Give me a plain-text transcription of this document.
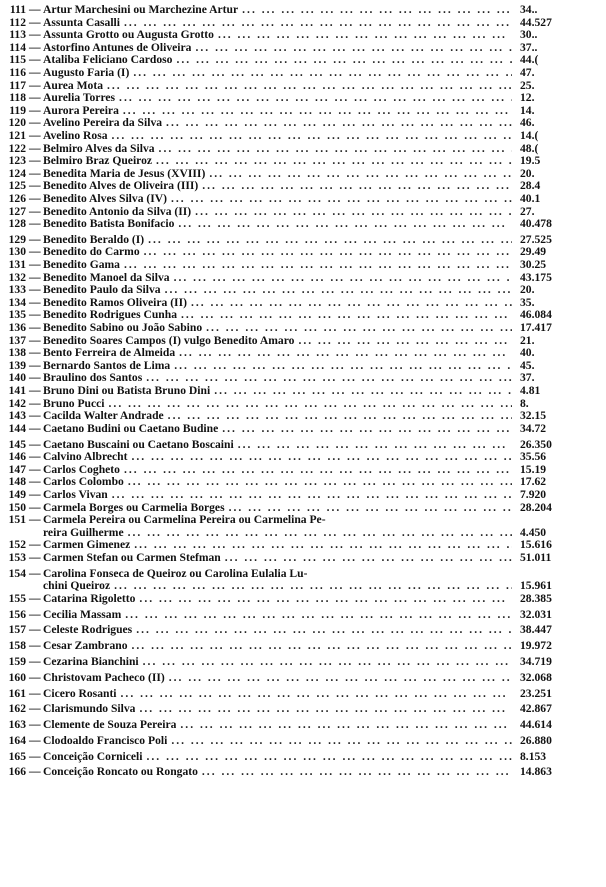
111 — Artur Marchesini ou Marchezine Artur ... .	34..
112 — Assunta Casalli ... .	44.527
113 — Assunta Grotto ou Augusta Grotto ... .	30..
114 — Astorfino Antunes de Oliveira ... .	37..
115 — Ataliba Feliciano Cardoso ... .	44.(
116 — Augusto Faria (I) ... .	47.
117 — Aurea Mota ... .	25.
118 — Aurelia Torres ... .	12.
119 — Aurora Pereira ... .	14.
120 — Avelino Pereira da Silva ... .	46.
121 — Avelino Rosa ... .	14.(
122 — Belmiro Alves da Silva ... .	48.(
123 — Belmiro Braz Queiroz ... .	19.5
124 — Benedita Maria de Jesus (XVIII) ... .	20.
125 — Benedito Alves de Oliveira (III) ... .	28.4
126 — Benedito Alves Silva (IV) ... .	40.1
127 — Benedito Antonio da Silva (II) ... .	27.
128 — Benedito Batista Bonifacio ... .	40.478
129 — Benedito Beraldo (I) ... .	27.525
130 — Benedito do Carmo ... .	29.49
131 — Benedito Gama ... .	30.25
132 — Benedito Manoel da Silva ... .	43.175
133 — Benedito Paulo da Silva ... .	20.
134 — Benedito Ramos Oliveira (II) ... .	35.
135 — Benedito Rodrigues Cunha ... .	46.084
136 — Benedito Sabino ou João Sabino ... .	17.417
137 — Benedito Soares Campos (I) vulgo Benedito Amaro ... .	21.
138 — Bento Ferreira de Almeida ... .	40.
139 — Bernardo Santos de Lima ... .	45.
140 — Braulino dos Santos ... .	37.
141 — Bruno Dini ou Batista Bruno Dini ... .	4.81
142 — Bruno Pucci ... .	8.
143 — Cacilda Walter Andrade ... .	32.15
144 — Caetano Budini ou Caetano Budine ... .	34.72
145 — Caetano Buscaini ou Caetano Boscaini ... .	26.350
146 — Calvino Albrecht ... .	35.56
147 — Carlos Cogheto ... .	15.19
148 — Carlos Colombo ... .	17.62
149 — Carlos Vivan ... .	7.920
150 — Carmela Borges ou Carmelia Borges ... .	28.204
151 — Carmela Pereira ou Carmelina Pereira ou Carmelina Pe-
reira Guilherme ... .	4.450
152 — Carmen Gimenez ... .	15.616
153 — Carmen Stefan ou Carmen Stefman ... .	51.011
154 — Carolina Fonseca de Queiroz ou Carolina Eulalia Lu-
chini Queiroz ... .	15.961
155 — Catarina Rigoletto ... .	28.385
156 — Cecilia Massam ... .	32.031
157 — Celeste Rodrigues ... .	38.447
158 — Cesar Zambrano ... .	19.972
159 — Cezarina Bianchini ... .	34.719
160 — Christovam Pacheco (II) ... .	32.068
161 — Cicero Rosanti ... .	23.251
162 — Clarismundo Silva ... .	42.867
163 — Clemente de Souza Pereira ... .	44.614
164 — Clodoaldo Francisco Poli ... .	26.880
165 — Conceição Corniceli ... .	8.153
166 — Conceição Roncato ou Rongato ... .	14.863
